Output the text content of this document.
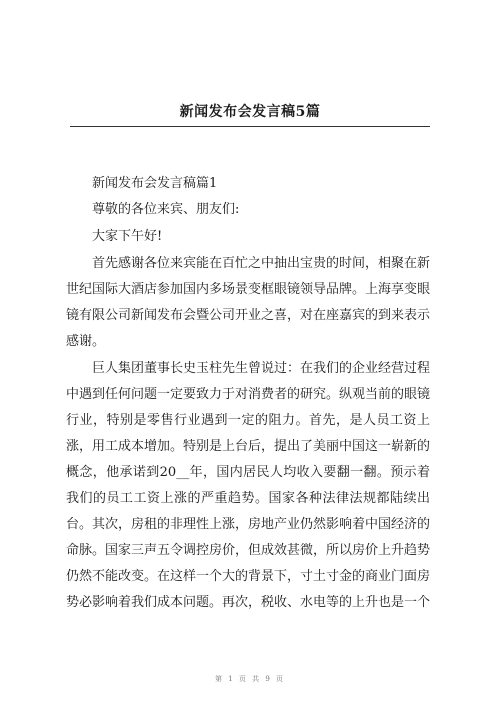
新闻发布会发言稿5篇
新闻发布会发言稿篇1
尊敬的各位来宾、朋友们:
大家下午好!
首先感谢各位来宾能在百忙之中抽出宝贵的时间，相聚在新
世纪国际大酒店参加国内多场景变框眼镜领导品牌。上海享变眼
镜有限公司新闻发布会暨公司开业之喜，对在座嘉宾的到来表示
感谢。
巨人集团董事长史玉柱先生曾说过：在我们的企业经营过程
中遇到任何问题一定要致力于对消费者的研究。纵观当前的眼镜
行业，特别是零售行业遇到一定的阻力。首先，是人员工资上
涨，用工成本增加。特别是上台后，提出了美丽中国这一崭新的
概念，他承诺到20__年，国内居民人均收入要翻一翻。预示着
我们的员工工资上涨的严重趋势。国家各种法律法规都陆续出
台。其次，房租的非理性上涨，房地产业仍然影响着中国经济的
命脉。国家三声五令调控房价，但成效甚微，所以房价上升趋势
仍然不能改变。在这样一个大的背景下，寸土寸金的商业门面房
势必影响着我们成本问题。再次，税收、水电等的上升也是一个
第 1 页 共 9 页
